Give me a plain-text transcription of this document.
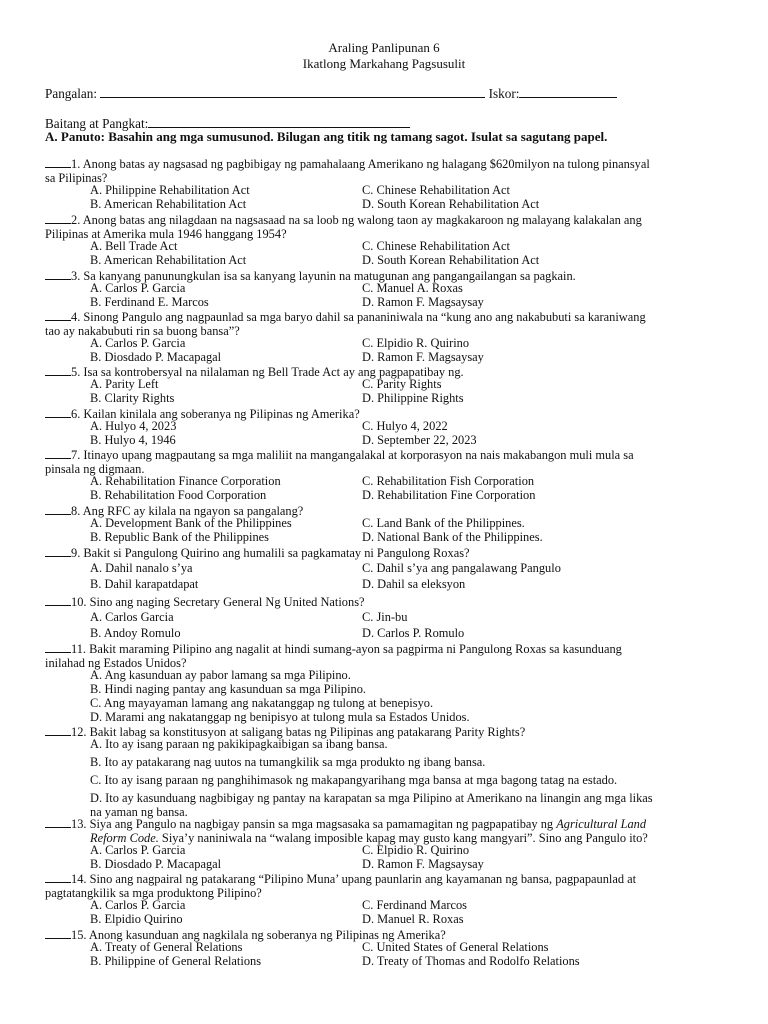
Araling Panlipunan 6
Ikatlong Markahang Pagsusulit
Pangalan:	Iskor:
Baitang at Pangkat:
A. Panuto: Basahin ang mga sumusunod. Bilugan ang titik ng tamang sagot. Isulat sa sagutang papel.
1. Anong batas ay nagsasad ng pagbibigay ng pamahalaang Amerikano ng halagang $620milyon na tulong pinansyal
sa Pilipinas?
A. Philippine Rehabilitation Act	C. Chinese Rehabilitation Act
B. American Rehabilitation Act	D. South Korean Rehabilitation Act
2. Anong batas ang nilagdaan na nagsasaad na sa loob ng walong taon ay magkakaroon ng malayang kalakalan ang
Pilipinas at Amerika mula 1946 hanggang 1954?
A. Bell Trade Act	C. Chinese Rehabilitation Act
B. American Rehabilitation Act	D. South Korean Rehabilitation Act
3. Sa kanyang panunungkulan isa sa kanyang layunin na matugunan ang pangangailangan sa pagkain.
A. Carlos P. Garcia	C. Manuel A. Roxas
B. Ferdinand E. Marcos	D. Ramon F. Magsaysay
4. Sinong Pangulo ang nagpaunlad sa mga baryo dahil sa pananiniwala na “kung ano ang nakabubuti sa karaniwang
tao ay nakabubuti rin sa buong bansa”?
A. Carlos P. Garcia	C. Elpidio R. Quirino
B. Diosdado P. Macapagal	D. Ramon F. Magsaysay
5. Isa sa kontrobersyal na nilalaman ng Bell Trade Act ay ang pagpapatibay ng.
A. Parity Left	C. Parity Rights
B. Clarity Rights	D. Philippine Rights
6. Kailan kinilala ang soberanya ng Pilipinas ng Amerika?
A. Hulyo 4, 2023	C. Hulyo 4, 2022
B. Hulyo 4, 1946	D. September 22, 2023
7. Itinayo upang magpautang sa mga maliliit na mangangalakal at korporasyon na nais makabangon muli mula sa
pinsala ng digmaan.
A. Rehabilitation Finance Corporation	C. Rehabilitation Fish Corporation
B. Rehabilitation Food Corporation	D. Rehabilitation Fine Corporation
8. Ang RFC ay kilala na ngayon sa pangalang?
A. Development Bank of the Philippines	C. Land Bank of the Philippines.
B. Republic Bank of the Philippines	D. National Bank of the Philippines.
9. Bakit si Pangulong Quirino ang humalili sa pagkamatay ni Pangulong Roxas?
A. Dahil nanalo s’ya	C. Dahil s’ya ang pangalawang Pangulo
B. Dahil karapatdapat	D. Dahil sa eleksyon
10. Sino ang naging Secretary General Ng United Nations?
A. Carlos Garcia	C. Jin-bu
B. Andoy Romulo	D. Carlos P. Romulo
11. Bakit maraming Pilipino ang nagalit at hindi sumang-ayon sa pagpirma ni Pangulong Roxas sa kasunduang
inilahad ng Estados Unidos?
A. Ang kasunduan ay pabor lamang sa mga Pilipino.
B. Hindi naging pantay ang kasunduan sa mga Pilipino.
C. Ang mayayaman lamang ang nakatanggap ng tulong at benepisyo.
D. Marami ang nakatanggap ng benipisyo at tulong mula sa Estados Unidos.
12. Bakit labag sa konstitusyon at saligang batas ng Pilipinas ang patakarang Parity Rights?
A. Ito ay isang paraan ng pakikipagkaibigan sa ibang bansa.
B. Ito ay patakarang nag uutos na tumangkilik sa mga produkto ng ibang bansa.
C. Ito ay isang paraan ng panghihimasok ng makapangyarihang mga bansa at mga bagong tatag na estado.
D. Ito ay kasunduang nagbibigay ng pantay na karapatan sa mga Pilipino at Amerikano na linangin ang mga likas
na yaman ng bansa.
13. Siya ang Pangulo na nagbigay pansin sa mga magsasaka sa pamamagitan ng pagpapatibay ng Agricultural Land
Reform Code. Siya’y naniniwala na “walang imposible kapag may gusto kang mangyari”. Sino ang Pangulo ito?
A. Carlos P. Garcia	C. Elpidio R. Quirino
B. Diosdado P. Macapagal	D. Ramon F. Magsaysay
14. Sino ang nagpairal ng patakarang “Pilipino Muna’ upang paunlarin ang kayamanan ng bansa, pagpapaunlad at
pagtatangkilik sa mga produktong Pilipino?
A. Carlos P. Garcia	C. Ferdinand Marcos
B. Elpidio Quirino	D. Manuel R. Roxas
15. Anong kasunduan ang nagkilala ng soberanya ng Pilipinas ng Amerika?
A. Treaty of General Relations	C. United States of General Relations
B. Philippine of General Relations	D. Treaty of Thomas and Rodolfo Relations
